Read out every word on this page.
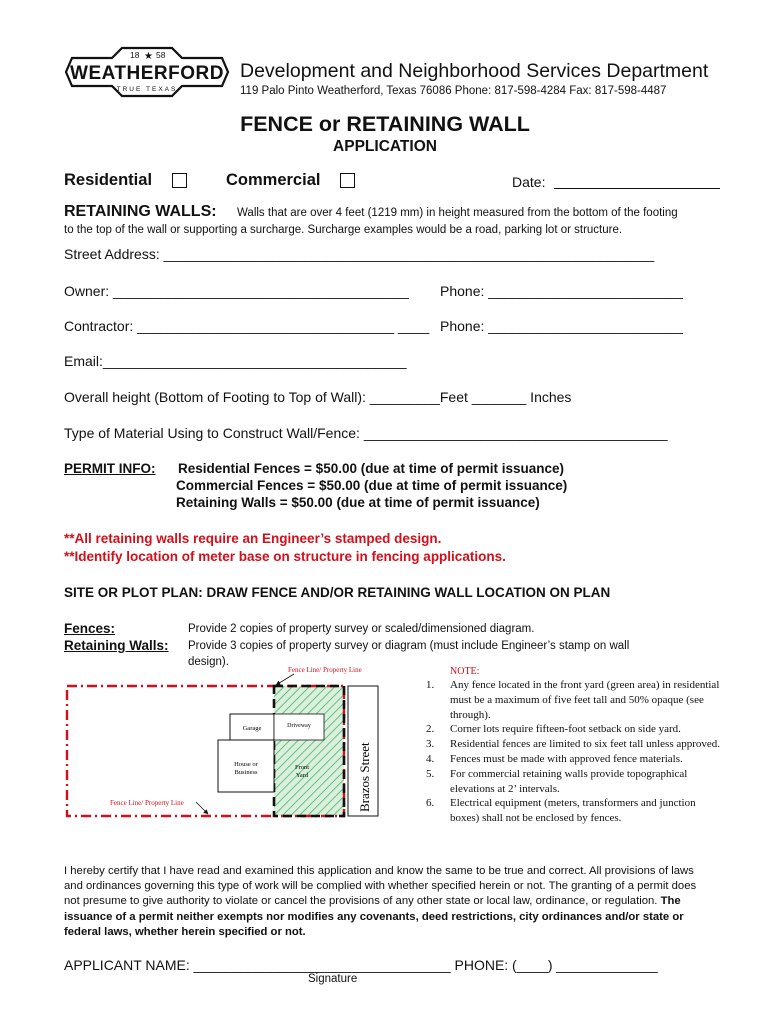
18 ★ 58
WEATHERFORD
TRUE TEXAS
Development and Neighborhood Services Department
119 Palo Pinto Weatherford, Texas 76086 Phone: 817-598-4284 Fax: 817-598-4487
FENCE or RETAINING WALL
APPLICATION
Residential	Commercial	Date:
RETAINING WALLS: Walls that are over 4 feet (1219 mm) in height measured from the bottom of the footing
to the top of the wall or supporting a surcharge. Surcharge examples would be a road, parking lot or structure.
Street Address: _______________________________________________________________
Owner: ______________________________________ Phone: _________________________
Contractor: _________________________________ ____ Phone: _________________________
Email:_______________________________________
Overall height (Bottom of Footing to Top of Wall): _________Feet _______ Inches
Type of Material Using to Construct Wall/Fence: _______________________________________
PERMIT INFO: Residential Fences = $50.00 (due at time of permit issuance)
Commercial Fences = $50.00 (due at time of permit issuance)
Retaining Walls = $50.00 (due at time of permit issuance)
**All retaining walls require an Engineer’s stamped design.
**Identify location of meter base on structure in fencing applications.
SITE OR PLOT PLAN: DRAW FENCE AND/OR RETAINING WALL LOCATION ON PLAN
Fences:	Provide 2 copies of property survey or scaled/dimensioned diagram.
Retaining Walls: Provide 3 copies of property survey or diagram (must include Engineer’s stamp on wall
design).
Garage	Driveway
House or
Business
Front
Yard	Brazos Street
Fence Line/ Property Line
Fence Line/ Property Line
NOTE:
1. Any fence located in the front yard (green area) in residential must be a maximum of five feet tall and 50% opaque (see through).
2. Corner lots require fifteen-foot setback on side yard.
3. Residential fences are limited to six feet tall unless approved.
4. Fences must be made with approved fence materials.
5. For commercial retaining walls provide topographical elevations at 2’ intervals.
6. Electrical equipment (meters, transformers and junction boxes) shall not be enclosed by fences.
I hereby certify that I have read and examined this application and know the same to be true and correct. All provisions of laws and ordinances governing this type of work will be complied with whether specified herein or not. The granting of a permit does not presume to give authority to violate or cancel the provisions of any other state or local law, ordinance, or regulation. The issuance of a permit neither exempts nor modifies any covenants, deed restrictions, city ordinances and/or state or federal laws, whether herein specified or not.
APPLICANT NAME: _________________________________ PHONE: (____) _____________
Signature
